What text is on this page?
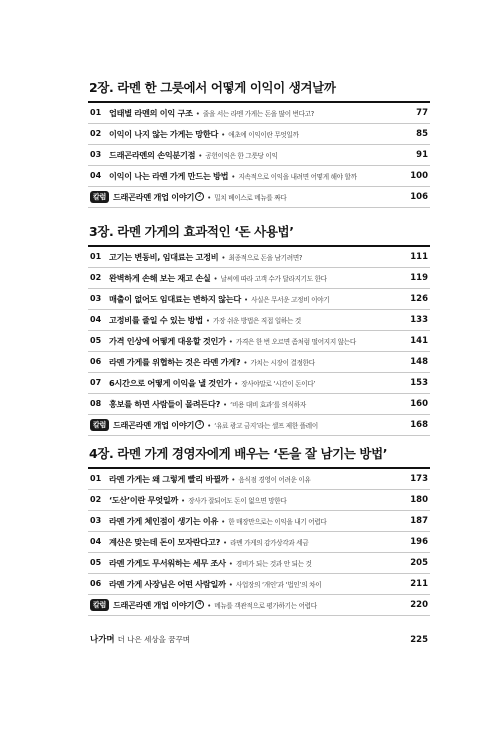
2장. 라멘 한 그릇에서 어떻게 이익이 생겨날까
01 업태별 라멘의 이익 구조 • 줄을 서는 라멘 가게는 돈을 많이 번다고?	77
02 이익이 나지 않는 가게는 망한다 • 애초에 이익이란 무엇일까	85
03 드래곤라멘의 손익분기점 • 공헌이익은 한 그릇당 이익	91
04 이익이 나는 라멘 가게 만드는 방법 • 지속적으로 이익을 내려면 어떻게 해야 할까	100
칼럼 드래곤라멘 개업 이야기 2 • 밀치 베이스로 메뉴를 짜다	106
3장. 라멘 가게의 효과적인 ‘돈 사용법’
01 고기는 변동비, 임대료는 고정비 • 최종적으로 돈을 남기려면?	111
02 완벽하게 손해 보는 재고 손실 • 날씨에 따라 고객 수가 달라지기도 한다	119
03 매출이 없어도 임대료는 변하지 않는다 • 사실은 무서운 고정비 이야기	126
04 고정비를 줄일 수 있는 방법 • 가장 쉬운 방법은 직접 일하는 것	133
05 가격 인상에 어떻게 대응할 것인가 • 가격은 한 번 오르면 좀처럼 떨어지지 않는다	141
06 라멘 가게를 위협하는 것은 라멘 가게? • 가치는 시장이 결정한다	148
07 6시간으로 어떻게 이익을 낼 것인가 • 장사야말로 ‘시간이 돈이다’	153
08 홍보를 하면 사람들이 몰려든다? • ‘비용 대비 효과’를 의식하자	160
칼럼 드래곤라멘 개업 이야기 3 • ‘유료 광고 금지’라는 셀프 제한 플레이	168
4장. 라멘 가게 경영자에게 배우는 ‘돈을 잘 남기는 방법’
01 라멘 가게는 왜 그렇게 빨리 바뀔까 • 음식점 경영이 어려운 이유	173
02 ‘도산’이란 무엇일까 • 장사가 잘되어도 돈이 없으면 망한다	180
03 라멘 가게 체인점이 생기는 이유 • 한 매장만으로는 이익을 내기 어렵다	187
04 계산은 맞는데 돈이 모자란다고? • 라멘 가게의 감가상각과 세금	196
05 라멘 가게도 무서워하는 세무 조사 • 경비가 되는 것과 안 되는 것	205
06 라멘 가게 사장님은 어떤 사람일까 • 사업장의 ‘개인’과 ‘법인’의 차이	211
칼럼 드래곤라멘 개업 이야기 4 • 메뉴를 객관적으로 평가하기는 어렵다	220
나가며 더 나은 세상을 꿈꾸며	225
